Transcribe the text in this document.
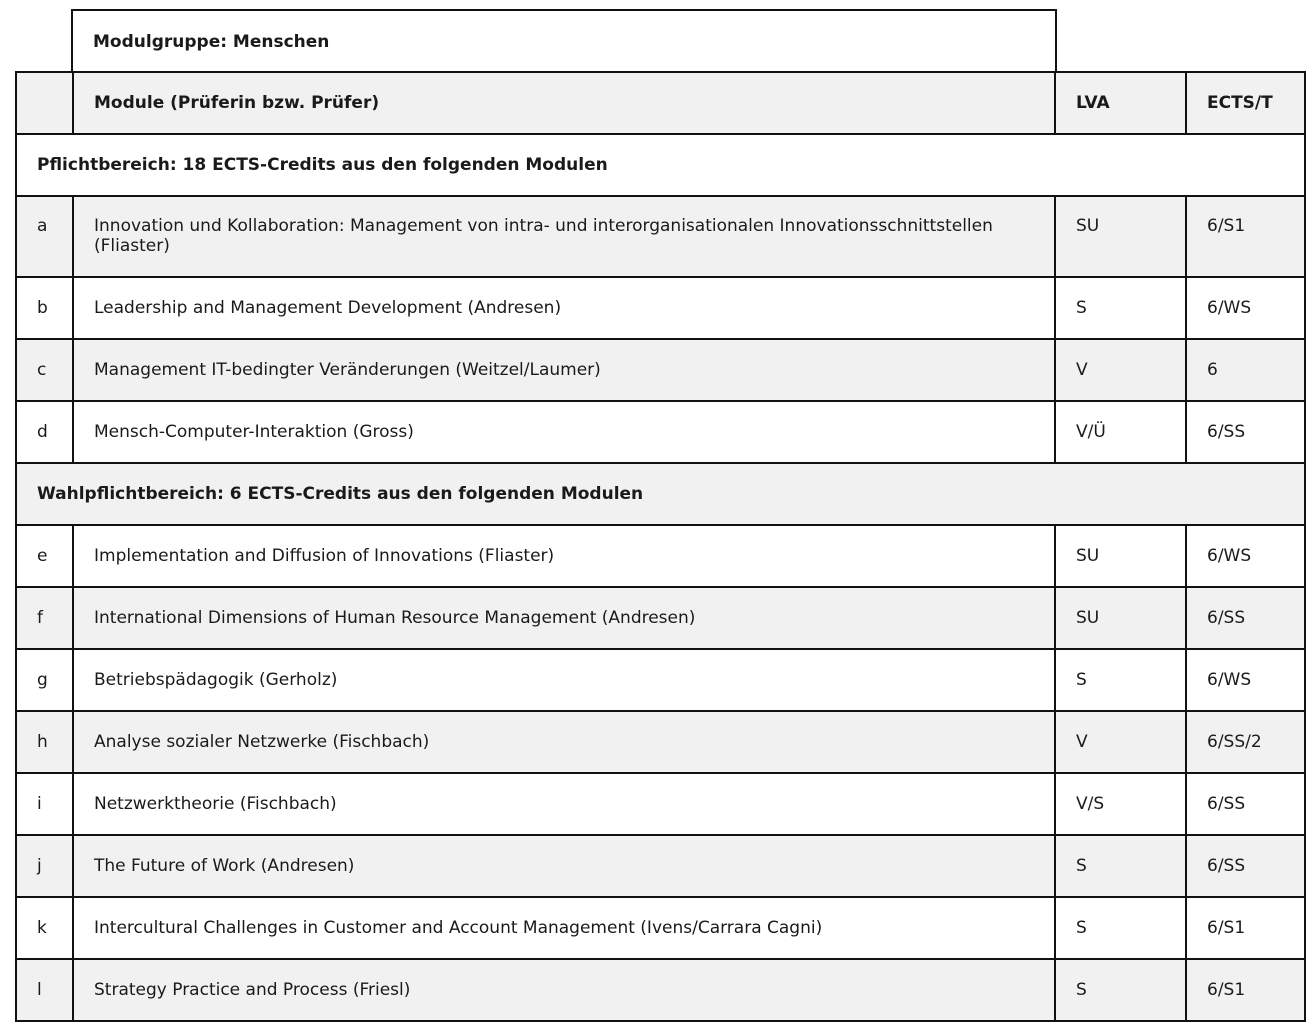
Modulgruppe: Menschen
	Module (Prüferin bzw. Prüfer)	LVA	ECTS/T
Pflichtbereich: 18 ECTS-Credits aus den folgenden Modulen			
a	Innovation und Kollaboration: Management von intra- und interorganisationalen Innovationsschnittstellen (Fliaster)	SU	6/S1
b	Leadership and Management Development (Andresen)	S	6/WS
c	Management IT-bedingter Veränderungen (Weitzel/Laumer)	V	6
d	Mensch-Computer-Interaktion (Gross)	V/Ü	6/SS
Wahlpflichtbereich: 6 ECTS-Credits aus den folgenden Modulen			
e	Implementation and Diffusion of Innovations (Fliaster)	SU	6/WS
f	International Dimensions of Human Resource Management (Andresen)	SU	6/SS
g	Betriebspädagogik (Gerholz)	S	6/WS
h	Analyse sozialer Netzwerke (Fischbach)	V	6/SS/2
i	Netzwerktheorie (Fischbach)	V/S	6/SS
j	The Future of Work (Andresen)	S	6/SS
k	Intercultural Challenges in Customer and Account Management (Ivens/Carrara Cagni)	S	6/S1
l	Strategy Practice and Process (Friesl)	S	6/S1
